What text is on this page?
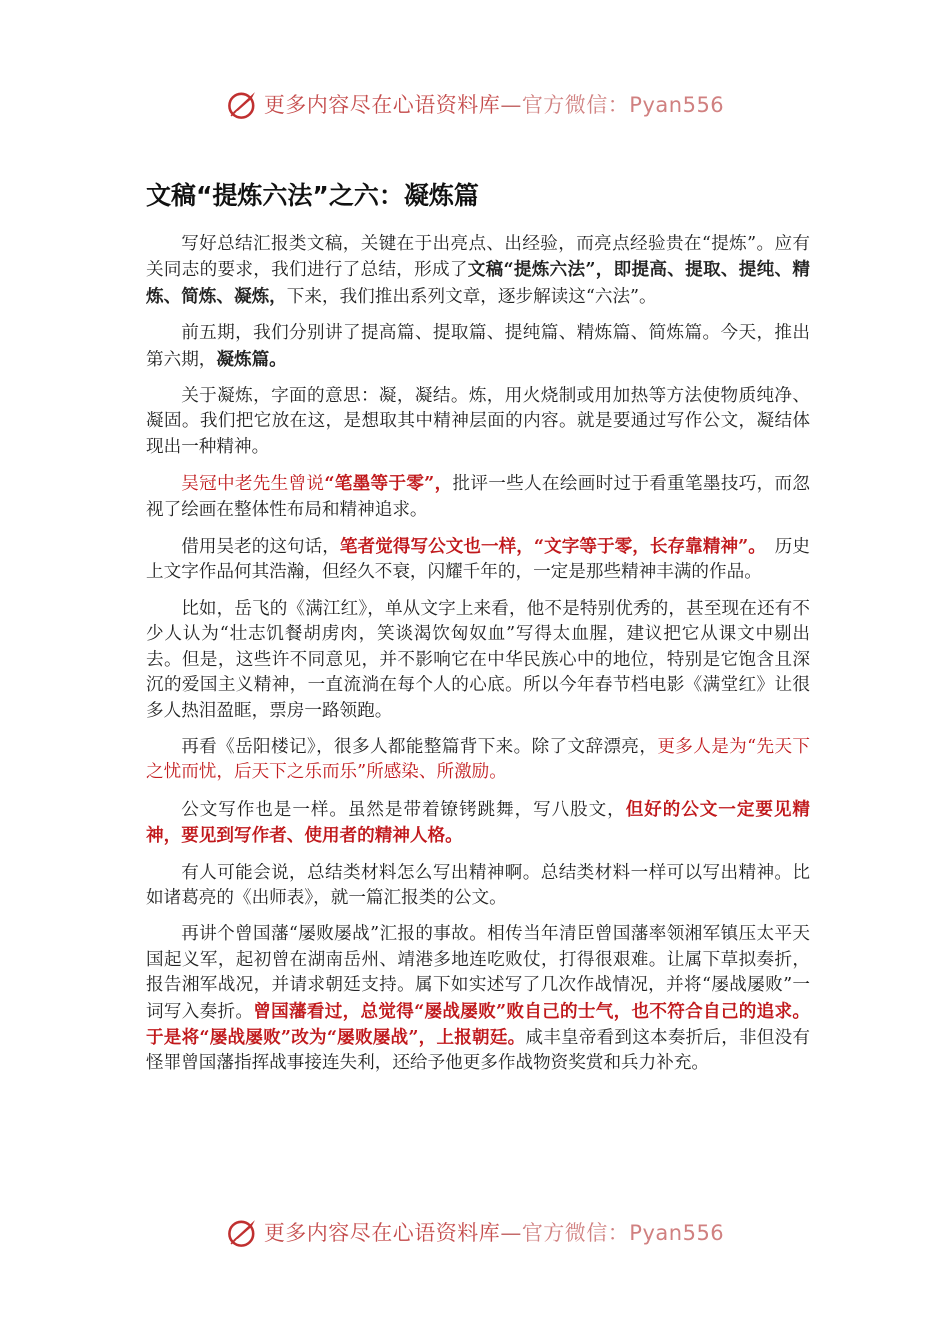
更多内容尽在心语资料库—官方微信：Pyan556
文稿“提炼六法”之六：凝炼篇

写好总结汇报类文稿，关键在于出亮点、出经验，而亮点经验贵在“提炼”。应有关同志的要求，我们进行了总结，形成了文稿“提炼六法”，即提高、提取、提纯、精炼、简炼、凝炼，下来，我们推出系列文章，逐步解读这“六法”。

前五期，我们分别讲了提高篇、提取篇、提纯篇、精炼篇、简炼篇。今天，推出第六期，凝炼篇。

关于凝炼，字面的意思：凝，凝结。炼，用火烧制或用加热等方法使物质纯净、凝固。我们把它放在这，是想取其中精神层面的内容。就是要通过写作公文，凝结体现出一种精神。

吴冠中老先生曾说“笔墨等于零”，批评一些人在绘画时过于看重笔墨技巧，而忽视了绘画在整体性布局和精神追求。

借用吴老的这句话，笔者觉得写公文也一样，“文字等于零，长存靠精神”。　历史上文字作品何其浩瀚，但经久不衰，闪耀千年的，一定是那些精神丰满的作品。

比如，岳飞的《满江红》，单从文字上来看，他不是特别优秀的，甚至现在还有不少人认为“壮志饥餐胡虏肉，笑谈渴饮匈奴血”写得太血腥，建议把它从课文中剔出去。但是，这些许不同意见，并不影响它在中华民族心中的地位，特别是它饱含且深沉的爱国主义精神，一直流淌在每个人的心底。所以今年春节档电影《满堂红》让很多人热泪盈眶，票房一路领跑。

再看《岳阳楼记》，很多人都能整篇背下来。除了文辞漂亮，更多人是为“先天下之忧而忧，后天下之乐而乐”所感染、所激励。

公文写作也是一样。虽然是带着镣铐跳舞，写八股文，但好的公文一定要见精神，要见到写作者、使用者的精神人格。

有人可能会说，总结类材料怎么写出精神啊。总结类材料一样可以写出精神。比如诸葛亮的《出师表》，就一篇汇报类的公文。

再讲个曾国藩“屡败屡战”汇报的事故。相传当年清臣曾国藩率领湘军镇压太平天国起义军，起初曾在湖南岳州、靖港多地连吃败仗，打得很艰难。让属下草拟奏折，报告湘军战况，并请求朝廷支持。属下如实述写了几次作战情况，并将“屡战屡败”一词写入奏折。曾国藩看过，总觉得“屡战屡败”败自己的士气，也不符合自己的追求。于是将“屡战屡败”改为“屡败屡战”，上报朝廷。咸丰皇帝看到这本奏折后，非但没有怪罪曾国藩指挥战事接连失利，还给予他更多作战物资奖赏和兵力补充。

更多内容尽在心语资料库—官方微信：Pyan556
